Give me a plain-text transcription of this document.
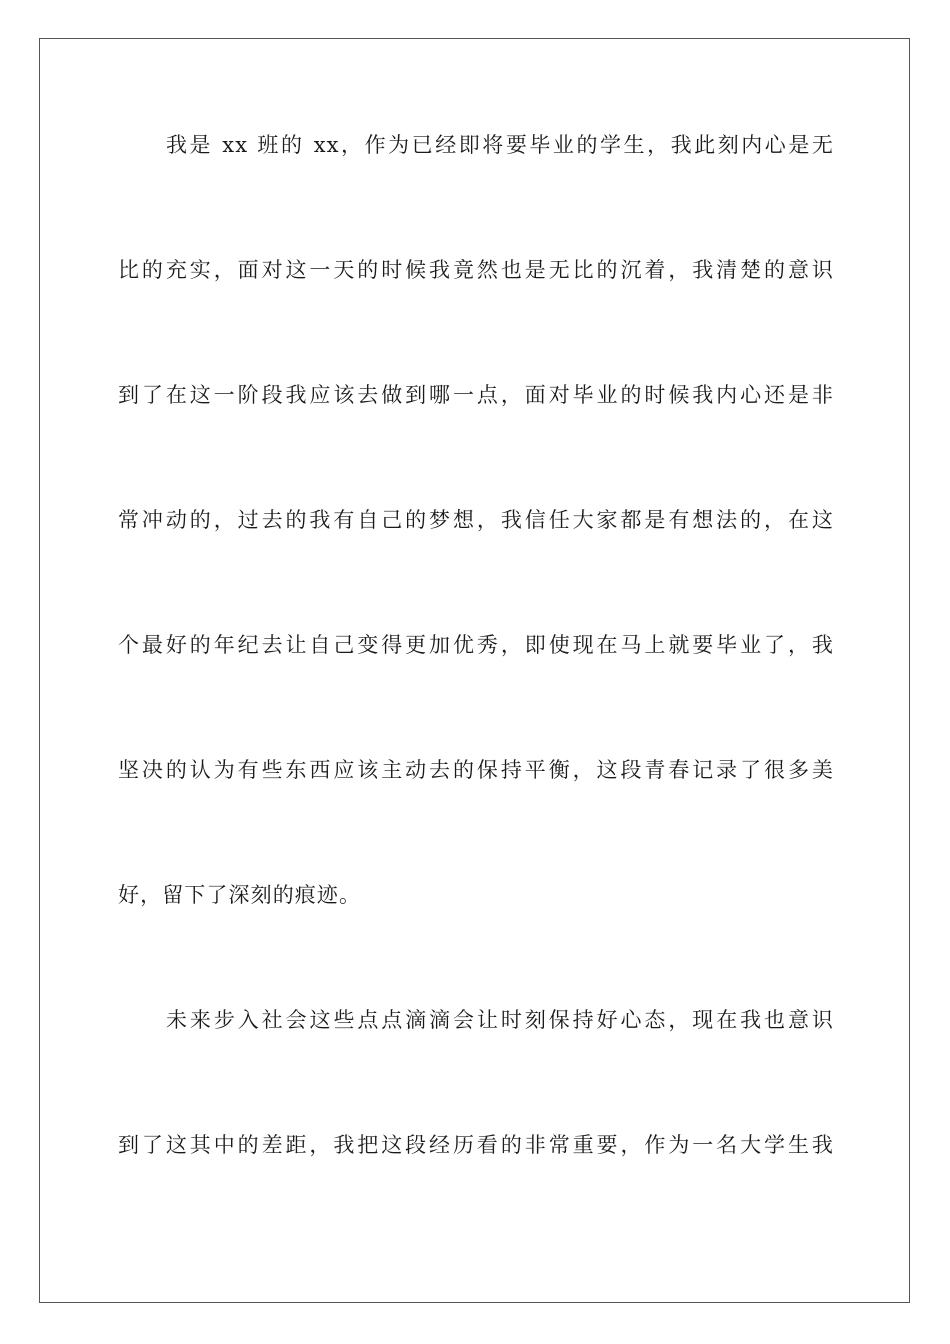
我是 xx 班的 xx，作为已经即将要毕业的学生，我此刻内心是无
比的充实，面对这一天的时候我竟然也是无比的沉着，我清楚的意识
到了在这一阶段我应该去做到哪一点，面对毕业的时候我内心还是非
常冲动的，过去的我有自己的梦想，我信任大家都是有想法的，在这
个最好的年纪去让自己变得更加优秀，即使现在马上就要毕业了，我
坚决的认为有些东西应该主动去的保持平衡，这段青春记录了很多美
好，留下了深刻的痕迹。
未来步入社会这些点点滴滴会让时刻保持好心态，现在我也意识
到了这其中的差距，我把这段经历看的非常重要，作为一名大学生我
